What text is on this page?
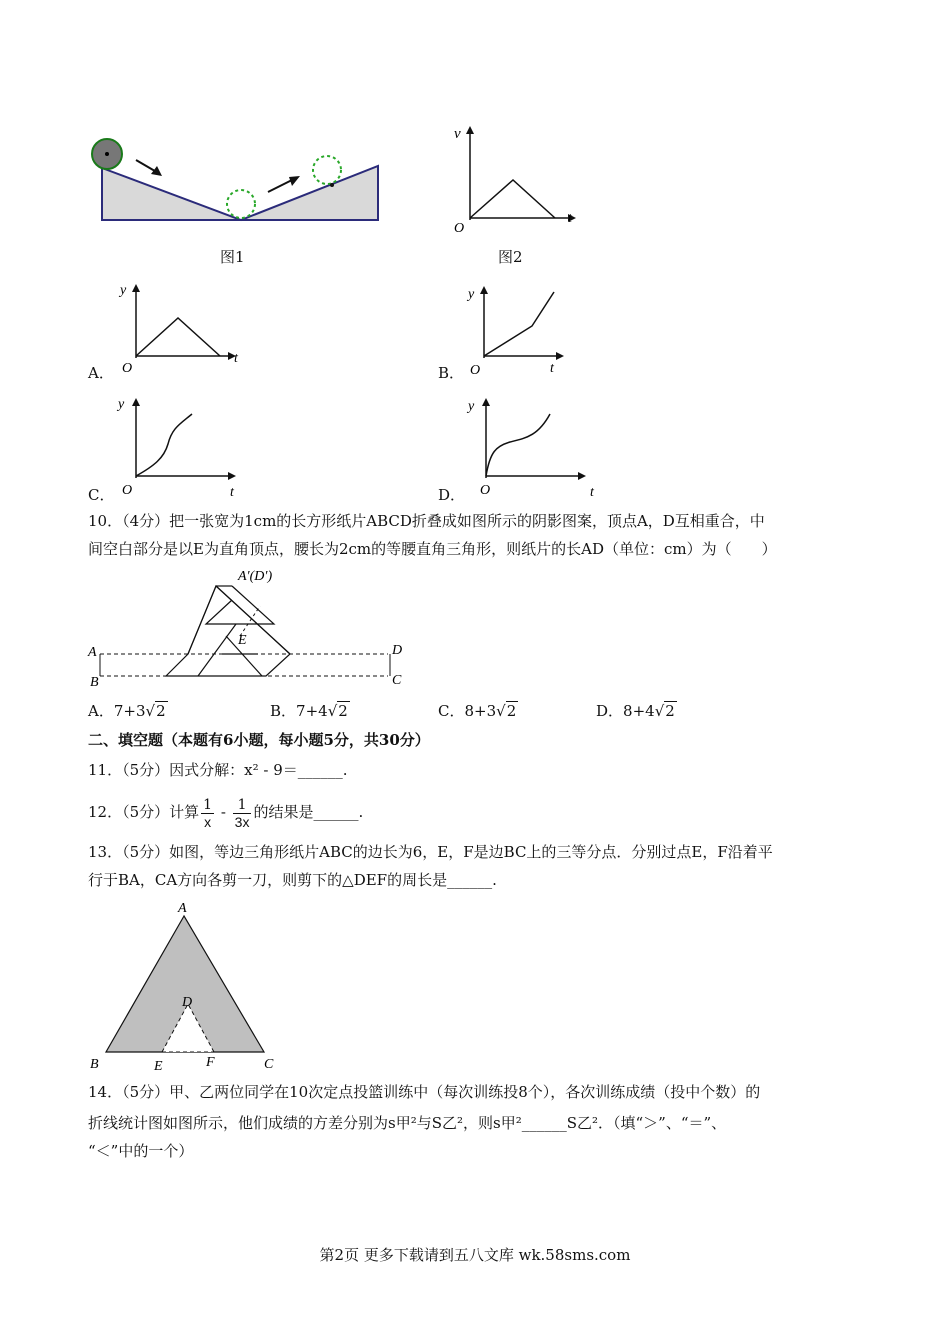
图1
v
O
t
图2
A．
y
O
t
B．
y
O	t
C．
y
O	t	D．
y
O	t
10．（4分）把一张宽为1cm的长方形纸片ABCD折叠成如图所示的阴影图案，顶点A，D互相重合，中
间空白部分是以E为直角顶点，腰长为2cm的等腰直角三角形，则纸片的长AD（单位：cm）为（　　）
A′(D′)
E
A
B
D
C
A．7+3√2	B．7+4√2	C．8+3√2	D．8+4√2
二、填空题（本题有6小题，每小题5分，共30分）
11．（5分）因式分解：x² - 9＝______.
12．（5分）计算 $\frac{1}{x} - \frac{1}{3x}$ 的结果是______.
13．（5分）如图，等边三角形纸片ABC的边长为6，E，F是边BC上的三等分点．分别过点E，F沿着平
行于BA，CA方向各剪一刀，则剪下的△DEF的周长是______.
A
D
B	E	F	C
14．（5分）甲、乙两位同学在10次定点投篮训练中（每次训练投8个），各次训练成绩（投中个数）的
折线统计图如图所示，他们成绩的方差分别为s甲²与S乙²，则s甲²______S乙²．（填“＞”、“＝”、
“＜”中的一个）
第2页 更多下载请到五八文库 wk.58sms.com
